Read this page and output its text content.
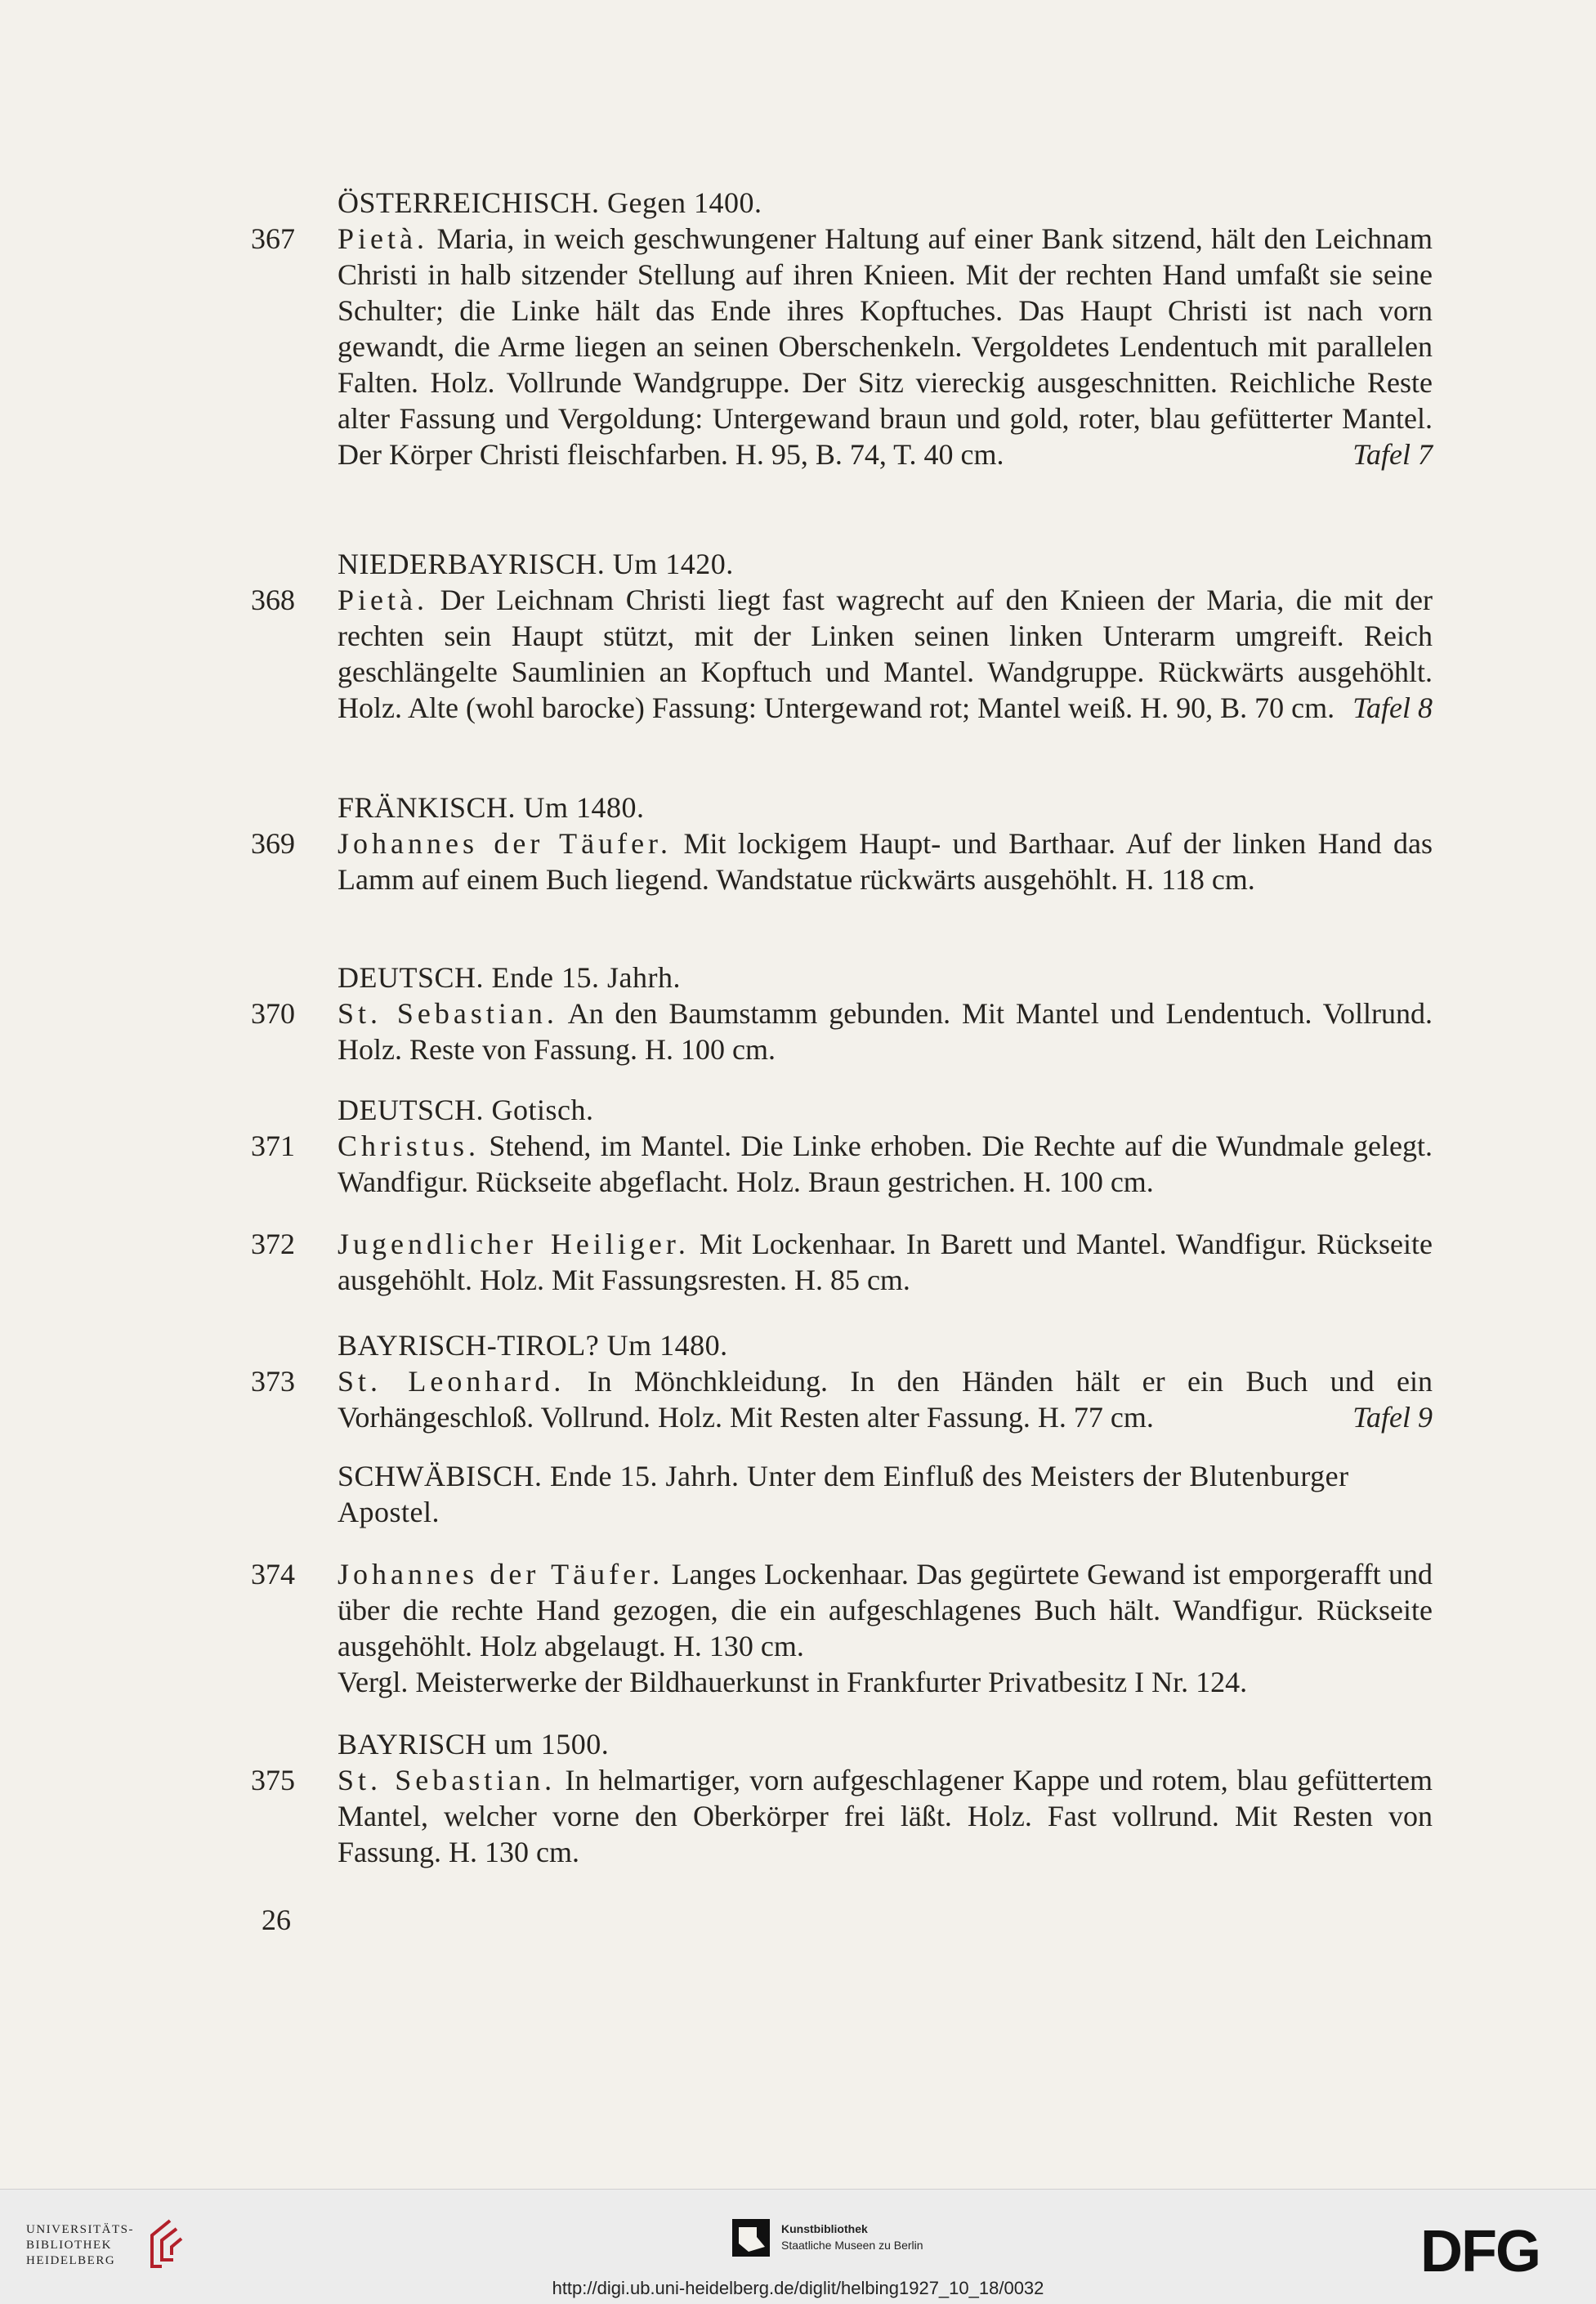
ÖSTERREICHISCH. Gegen 1400.
367	Pietà. Maria, in weich geschwungener Haltung auf einer Bank sitzend, hält den Leichnam Christi in halb sitzender Stellung auf ihren Knieen. Mit der rechten Hand umfaßt sie seine Schulter; die Linke hält das Ende ihres Kopftuches. Das Haupt Christi ist nach vorn gewandt, die Arme liegen an seinen Oberschenkeln. Vergoldetes Lendentuch mit parallelen Falten. Holz. Vollrunde Wandgruppe. Der Sitz viereckig ausgeschnitten. Reichliche Reste alter Fassung und Vergoldung: Untergewand braun und gold, roter, blau gefütterter Mantel. Der Körper Christi fleischfarben. H. 95, B. 74, T. 40 cm.	Tafel 7
NIEDERBAYRISCH. Um 1420.
368	Pietà. Der Leichnam Christi liegt fast wagrecht auf den Knieen der Maria, die mit der rechten sein Haupt stützt, mit der Linken seinen linken Unterarm umgreift. Reich geschlängelte Saumlinien an Kopftuch und Mantel. Wandgruppe. Rückwärts ausgehöhlt. Holz. Alte (wohl barocke) Fassung: Untergewand rot; Mantel weiß. H. 90, B. 70 cm. Tafel 8
FRÄNKISCH. Um 1480.
369	Johannes der Täufer. Mit lockigem Haupt- und Barthaar. Auf der linken Hand das Lamm auf einem Buch liegend. Wandstatue rückwärts ausgehöhlt. H. 118 cm.
DEUTSCH. Ende 15. Jahrh.
370	St. Sebastian. An den Baumstamm gebunden. Mit Mantel und Lendentuch. Vollrund. Holz. Reste von Fassung. H. 100 cm.
DEUTSCH. Gotisch.
371	Christus. Stehend, im Mantel. Die Linke erhoben. Die Rechte auf die Wundmale gelegt. Wandfigur. Rückseite abgeflacht. Holz. Braun gestrichen. H. 100 cm.
372	Jugendlicher Heiliger. Mit Lockenhaar. In Barett und Mantel. Wandfigur. Rückseite ausgehöhlt. Holz. Mit Fassungsresten. H. 85 cm.
BAYRISCH-TIROL? Um 1480.
373	St. Leonhard. In Mönchkleidung. In den Händen hält er ein Buch und ein Vorhängeschloß. Vollrund. Holz. Mit Resten alter Fassung. H. 77 cm.	Tafel 9
SCHWÄBISCH. Ende 15. Jahrh. Unter dem Einfluß des Meisters der Blutenburger Apostel.
374	Johannes der Täufer. Langes Lockenhaar. Das gegürtete Gewand ist emporgerafft und über die rechte Hand gezogen, die ein aufgeschlagenes Buch hält. Wandfigur. Rückseite ausgehöhlt. Holz abgelaugt. H. 130 cm.
Vergl. Meisterwerke der Bildhauerkunst in Frankfurter Privatbesitz I Nr. 124.
BAYRISCH um 1500.
375	St. Sebastian. In helmartiger, vorn aufgeschlagener Kappe und rotem, blau gefüttertem Mantel, welcher vorne den Oberkörper frei läßt. Holz. Fast vollrund. Mit Resten von Fassung. H. 130 cm.
26
UNIVERSITÄTS-
BIBLIOTHEK
HEIDELBERG
Kunstbibliothek
Staatliche Museen zu Berlin	DFG
http://digi.ub.uni-heidelberg.de/diglit/helbing1927_10_18/0032
